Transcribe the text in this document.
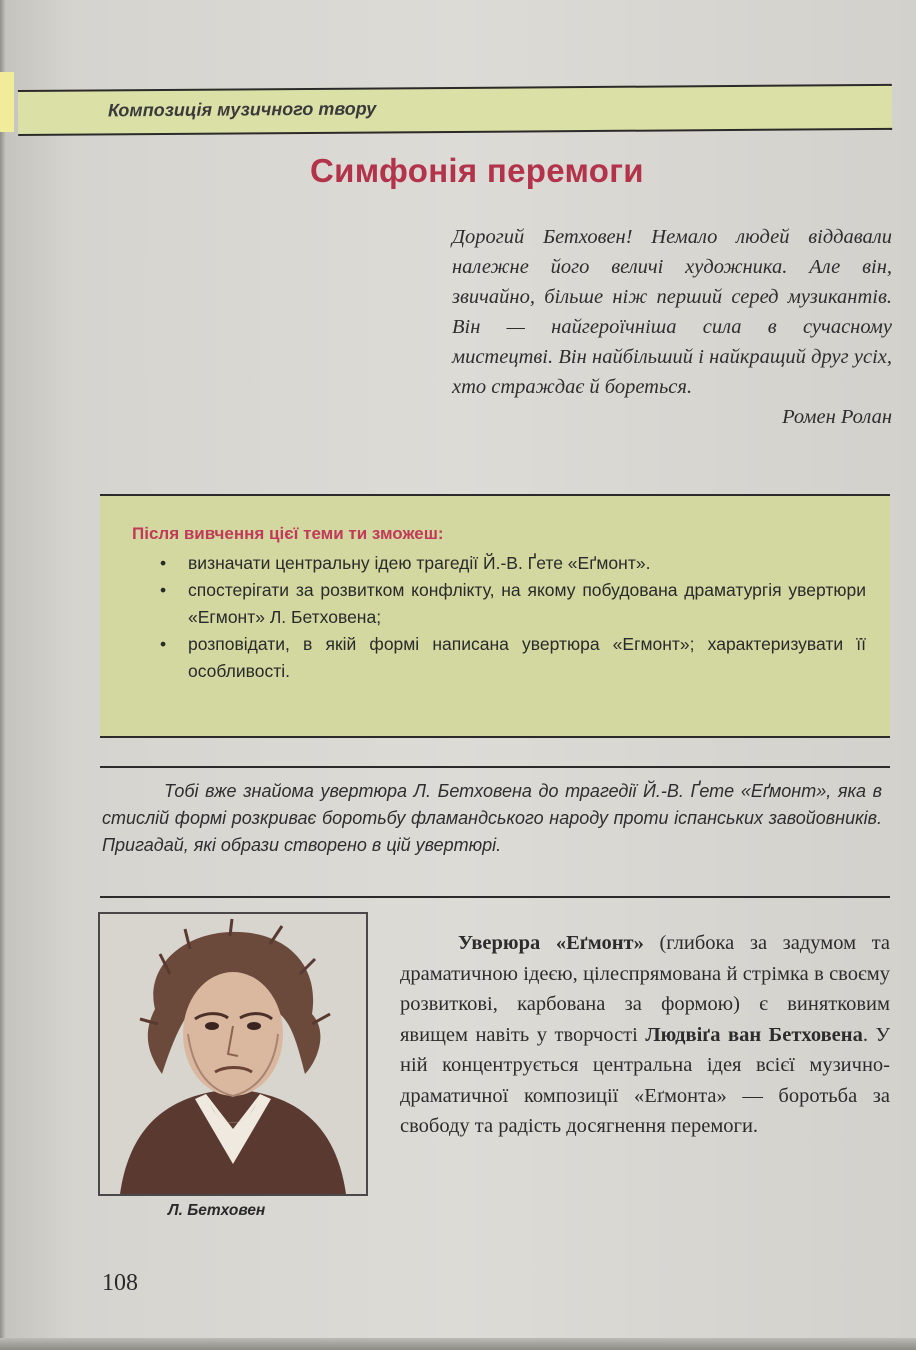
Композиція музичного твору
Симфонія перемоги
Дорогий Бетховен! Немало людей віддавали належне його величі художника. Але він, звичайно, більше ніж перший серед музикантів. Він — найгероїчніша сила в сучасному мистецтві. Він найбільший і найкращий друг усіх, хто страждає й бореться.
Ромен Ролан
Після вивчення цієї теми ти зможеш:
• визначати центральну ідею трагедії Й.-В. Ґете «Еґмонт».
• спостерігати за розвитком конфлікту, на якому побудована драматургія увертюри «Егмонт» Л. Бетховена;
• розповідати, в якій формі написана увертюра «Егмонт»; характеризувати її особливості.
Тобі вже знайома увертюра Л. Бетховена до трагедії Й.-В. Ґете «Еґмонт», яка в стислій формі розкриває боротьбу фламандського народу проти іспанських завойовників. Пригадай, які образи створено в цій увертюрі.
Л. Бетховен
Уверюра «Еґмонт» (глибока за задумом та драматичною ідеєю, цілеспрямована й стрімка в своєму розвиткові, карбована за формою) є винятковим явищем навіть у творчості Людвіґа ван Бетховена. У ній концентрується центральна ідея всієї музично-драматичної композиції «Еґмонта» — боротьба за свободу та радість досягнення перемоги.
108
